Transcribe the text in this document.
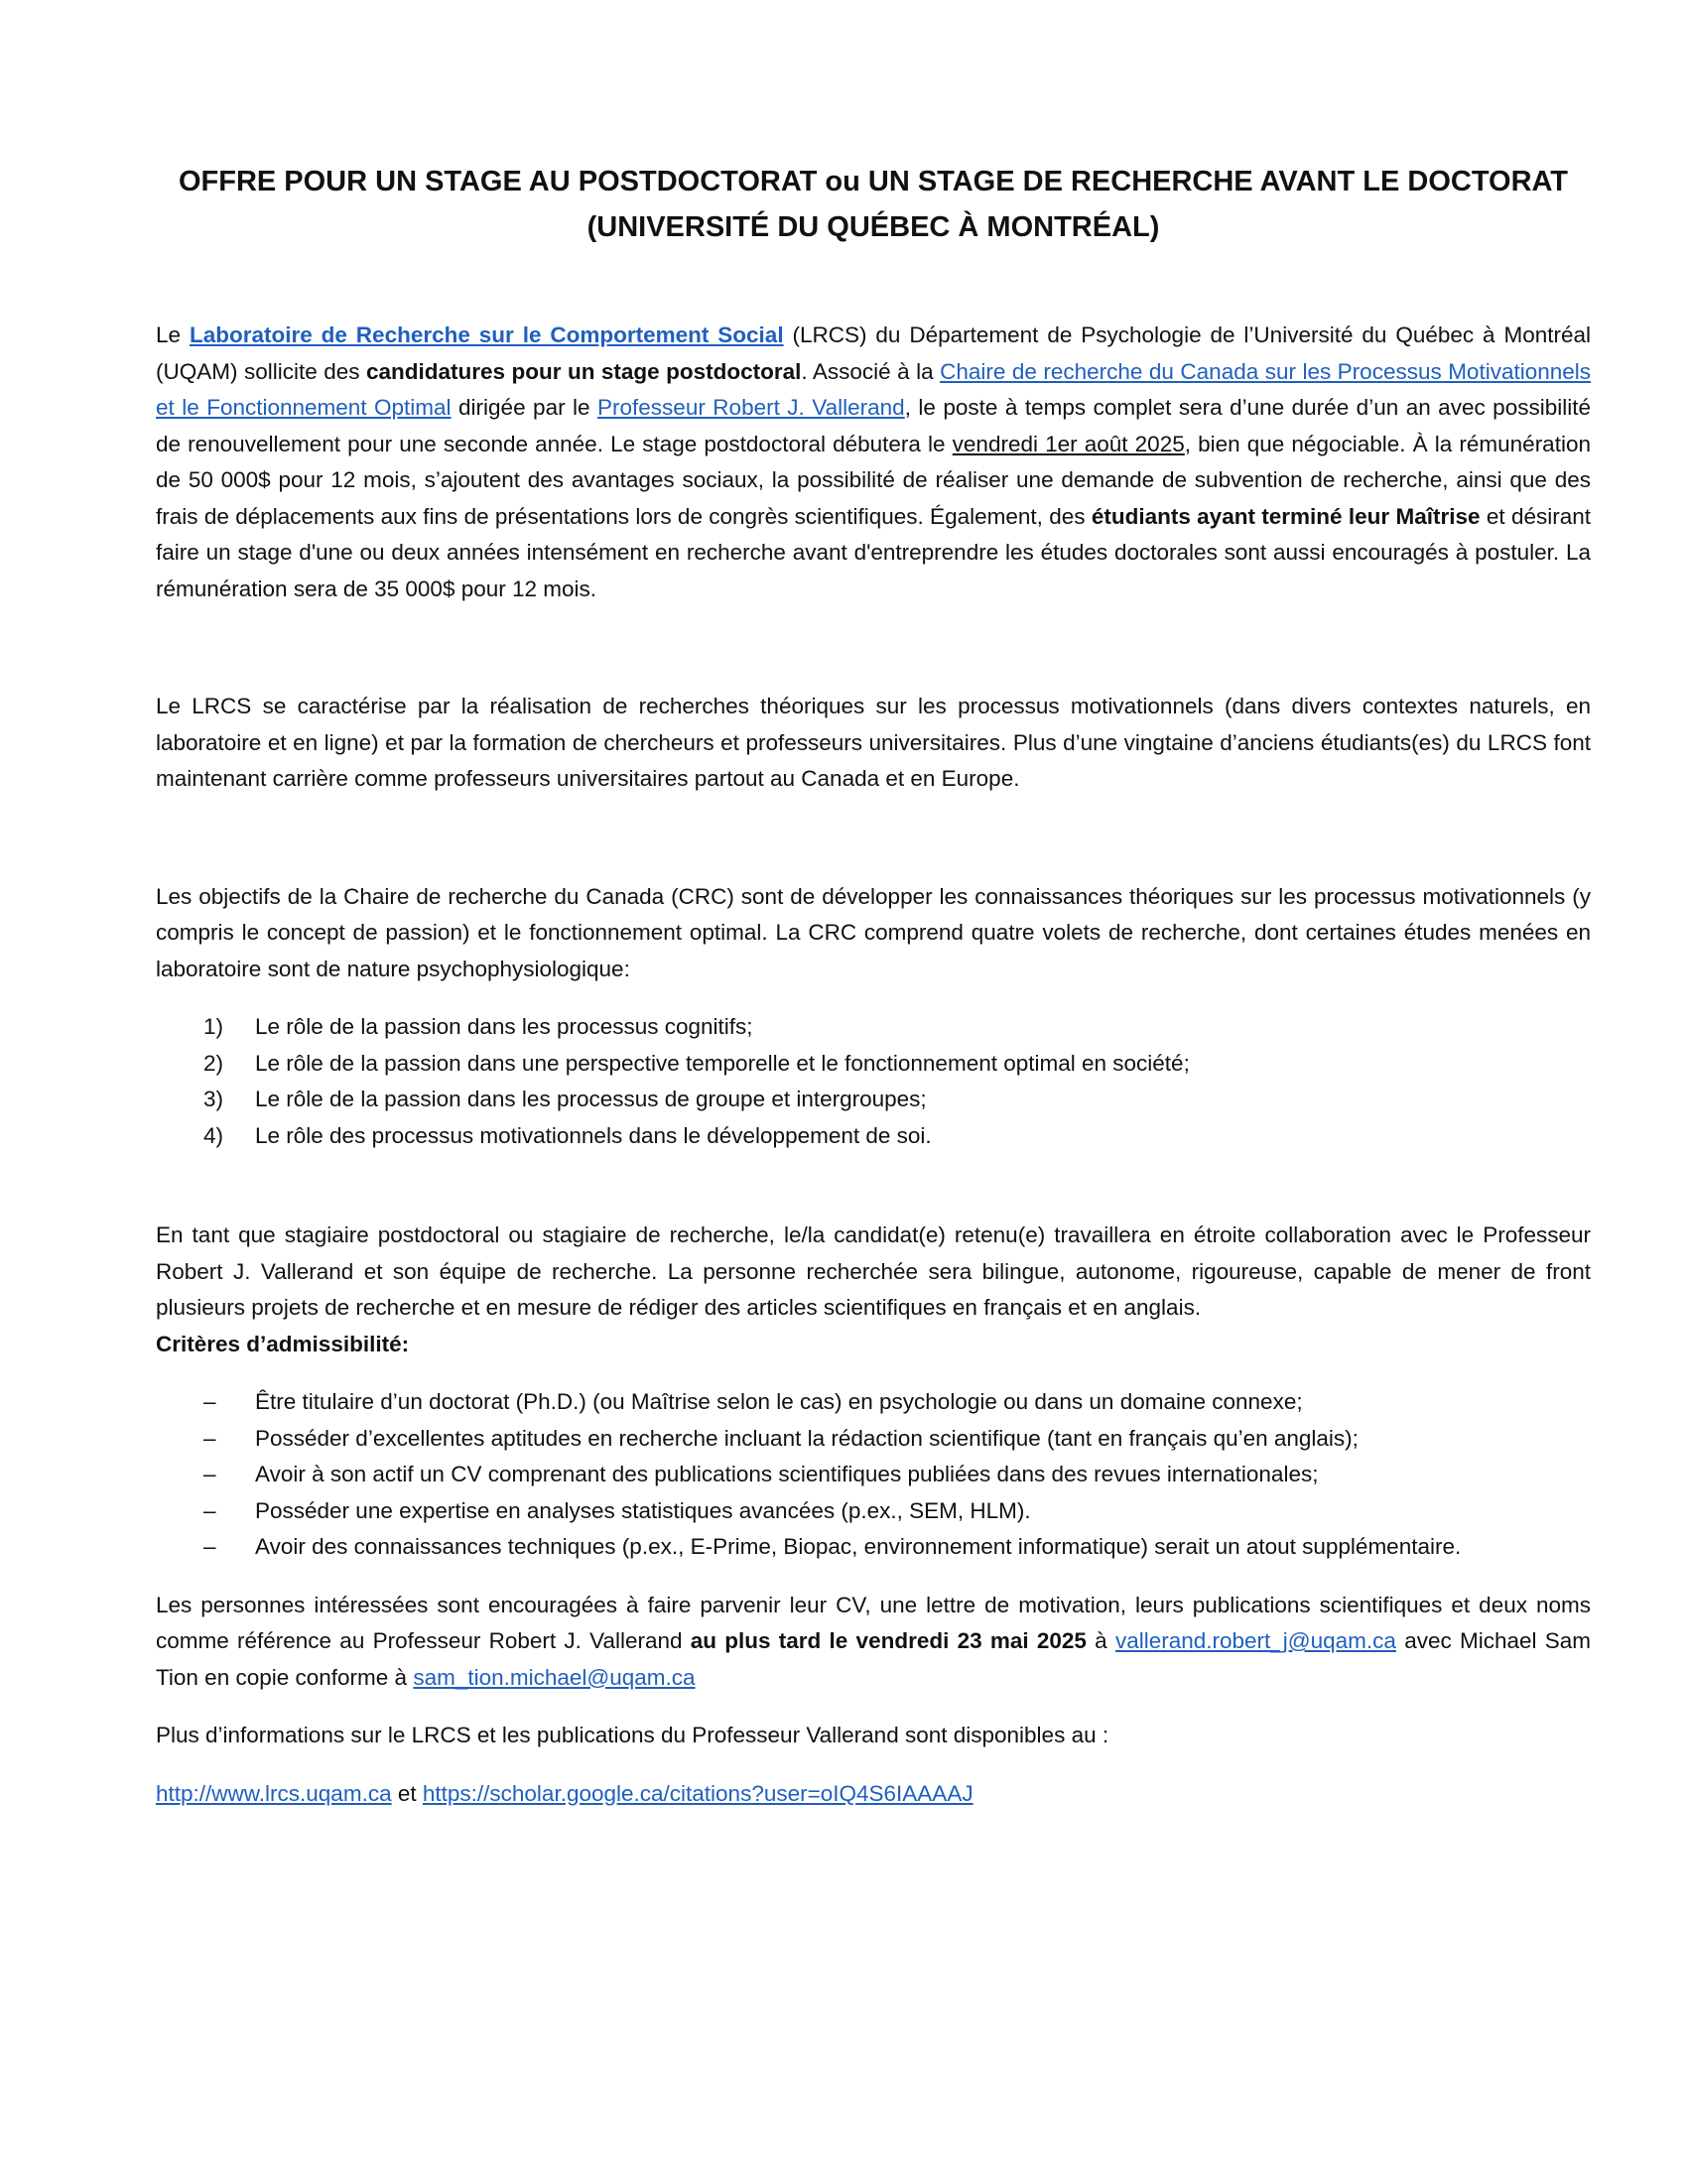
OFFRE POUR UN STAGE AU POSTDOCTORAT ou UN STAGE DE RECHERCHE AVANT LE DOCTORAT (UNIVERSITÉ DU QUÉBEC À MONTRÉAL)

Le Laboratoire de Recherche sur le Comportement Social (LRCS) du Département de Psychologie de l’Université du Québec à Montréal (UQAM) sollicite des candidatures pour un stage postdoctoral. Associé à la Chaire de recherche du Canada sur les Processus Motivationnels et le Fonctionnement Optimal dirigée par le Professeur Robert J. Vallerand, le poste à temps complet sera d’une durée d’un an avec possibilité de renouvellement pour une seconde année. Le stage postdoctoral débutera le vendredi 1er août 2025, bien que négociable. À la rémunération de 50 000$ pour 12 mois, s’ajoutent des avantages sociaux, la possibilité de réaliser une demande de subvention de recherche, ainsi que des frais de déplacements aux fins de présentations lors de congrès scientifiques. Également, des étudiants ayant terminé leur Maîtrise et désirant faire un stage d'une ou deux années intensément en recherche avant d'entreprendre les études doctorales sont aussi encouragés à postuler. La rémunération sera de 35 000$ pour 12 mois.

Le LRCS se caractérise par la réalisation de recherches théoriques sur les processus motivationnels (dans divers contextes naturels, en laboratoire et en ligne) et par la formation de chercheurs et professeurs universitaires. Plus d’une vingtaine d’anciens étudiants(es) du LRCS font maintenant carrière comme professeurs universitaires partout au Canada et en Europe.

Les objectifs de la Chaire de recherche du Canada (CRC) sont de développer les connaissances théoriques sur les processus motivationnels (y compris le concept de passion) et le fonctionnement optimal. La CRC comprend quatre volets de recherche, dont certaines études menées en laboratoire sont de nature psychophysiologique:

1) Le rôle de la passion dans les processus cognitifs;
2) Le rôle de la passion dans une perspective temporelle et le fonctionnement optimal en société;
3) Le rôle de la passion dans les processus de groupe et intergroupes;
4) Le rôle des processus motivationnels dans le développement de soi.

En tant que stagiaire postdoctoral ou stagiaire de recherche, le/la candidat(e) retenu(e) travaillera en étroite collaboration avec le Professeur Robert J. Vallerand et son équipe de recherche. La personne recherchée sera bilingue, autonome, rigoureuse, capable de mener de front plusieurs projets de recherche et en mesure de rédiger des articles scientifiques en français et en anglais.

Critères d’admissibilité:

– Être titulaire d’un doctorat (Ph.D.) (ou Maîtrise selon le cas) en psychologie ou dans un domaine connexe;
– Posséder d’excellentes aptitudes en recherche incluant la rédaction scientifique (tant en français qu’en anglais);
– Avoir à son actif un CV comprenant des publications scientifiques publiées dans des revues internationales;
– Posséder une expertise en analyses statistiques avancées (p.ex., SEM, HLM).
– Avoir des connaissances techniques (p.ex., E-Prime, Biopac, environnement informatique) serait un atout supplémentaire.

Les personnes intéressées sont encouragées à faire parvenir leur CV, une lettre de motivation, leurs publications scientifiques et deux noms comme référence au Professeur Robert J. Vallerand au plus tard le vendredi 23 mai 2025 à vallerand.robert_j@uqam.ca avec Michael Sam Tion en copie conforme à sam_tion.michael@uqam.ca

Plus d’informations sur le LRCS et les publications du Professeur Vallerand sont disponibles au :

http://www.lrcs.uqam.ca et https://scholar.google.ca/citations?user=oIQ4S6IAAAAJ
